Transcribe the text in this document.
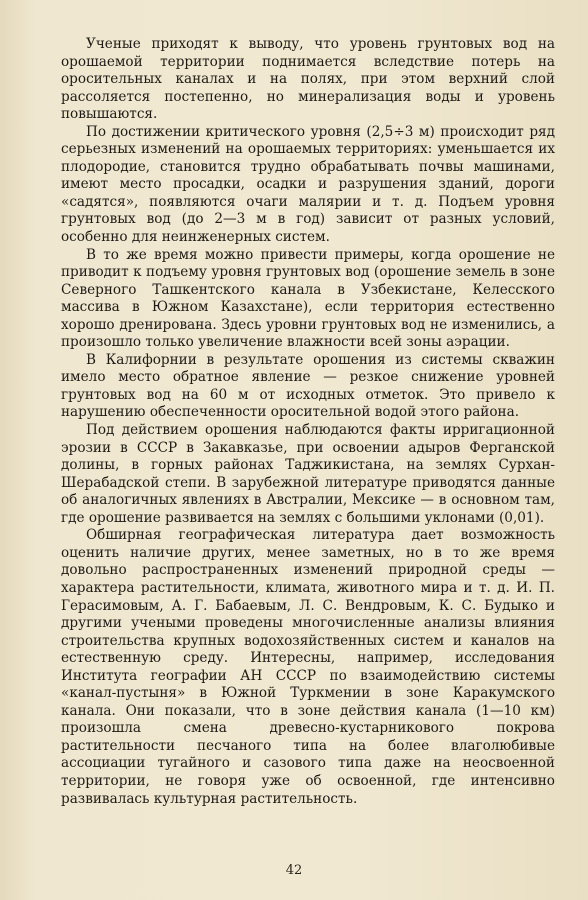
Ученые приходят к выводу, что уровень грунтовых вод на орошаемой территории поднимается вследствие потерь на оросительных каналах и на полях, при этом верхний слой рассоляется постепенно, но минерализация воды и уровень повышаются.

По достижении критического уровня (2,5÷3 м) происходит ряд серьезных изменений на орошаемых территориях: уменьшается их плодородие, становится трудно обрабатывать почвы машинами, имеют место просадки, осадки и разрушения зданий, дороги «садятся», появляются очаги малярии и т. д. Подъем уровня грунтовых вод (до 2—3 м в год) зависит от разных условий, особенно для неинженерных систем.

В то же время можно привести примеры, когда орошение не приводит к подъему уровня грунтовых вод (орошение земель в зоне Северного Ташкентского канала в Узбекистане, Келесского массива в Южном Казахстане), если территория естественно хорошо дренирована. Здесь уровни грунтовых вод не изменились, а произошло только увеличение влажности всей зоны аэрации.

В Калифорнии в результате орошения из системы скважин имело место обратное явление — резкое снижение уровней грунтовых вод на 60 м от исходных отметок. Это привело к нарушению обеспеченности оросительной водой этого района.

Под действием орошения наблюдаются факты ирригационной эрозии в СССР в Закавказье, при освоении адыров Ферганской долины, в горных районах Таджикистана, на землях Сурхан-Шерабадской степи. В зарубежной литературе приводятся данные об аналогичных явлениях в Австралии, Мексике — в основном там, где орошение развивается на землях с большими уклонами (0,01).

Обширная географическая литература дает возможность оценить наличие других, менее заметных, но в то же время довольно распространенных изменений природной среды — характера растительности, климата, животного мира и т. д. И. П. Герасимовым, А. Г. Бабаевым, Л. С. Вендровым, К. С. Будыко и другими учеными проведены многочисленные анализы влияния строительства крупных водохозяйственных систем и каналов на естественную среду. Интересны, например, исследования Института географии АН СССР по взаимодействию системы «канал-пустыня» в Южной Туркмении в зоне Каракумского канала. Они показали, что в зоне действия канала (1—10 км) произошла смена древесно-кустарникового покрова растительности песчаного типа на более влаголюбивые ассоциации тугайного и сазового типа даже на неосвоенной территории, не говоря уже об освоенной, где интенсивно развивалась культурная растительность.

42
